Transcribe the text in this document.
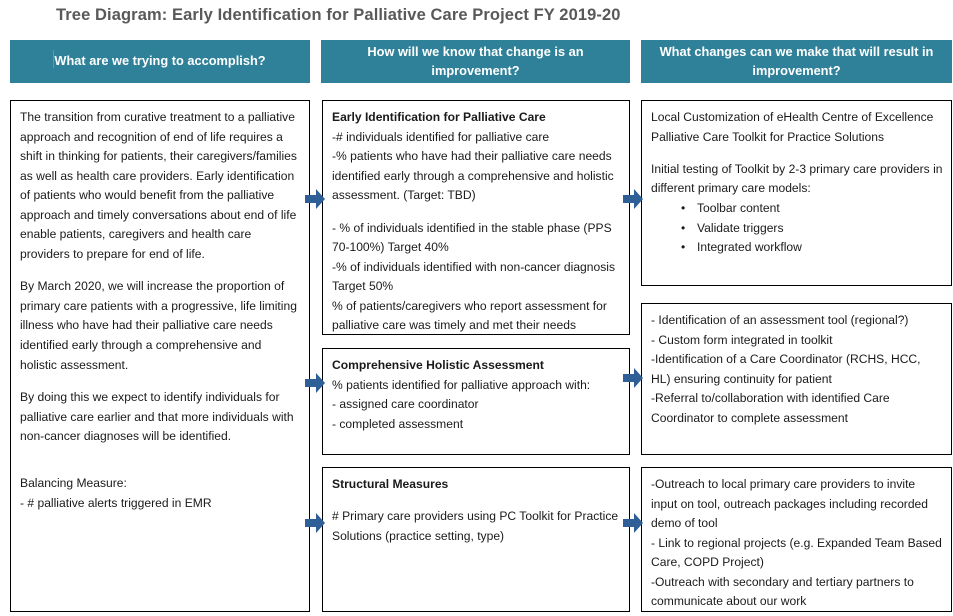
Tree Diagram: Early Identification for Palliative Care Project FY 2019-20
What are we trying to accomplish?
How will we know that change is an improvement?
What changes can we make that will result in improvement?

The transition from curative treatment to a palliative approach and recognition of end of life requires a shift in thinking for patients, their caregivers/families as well as health care providers. Early identification of patients who would benefit from the palliative approach and timely conversations about end of life enable patients, caregivers and health care providers to prepare for end of life.

By March 2020, we will increase the proportion of primary care patients with a progressive, life limiting illness who have had their palliative care needs identified early through a comprehensive and holistic assessment.

By doing this we expect to identify individuals for palliative care earlier and that more individuals with non-cancer diagnoses will be identified.

Balancing Measure:

- # palliative alerts triggered in EMR

Early Identification for Palliative Care

-# individuals identified for palliative care

-% patients who have had their palliative care needs identified early through a comprehensive and holistic assessment. (Target: TBD)

- % of individuals identified in the stable phase (PPS 70-100%) Target 40%

-% of individuals identified with non-cancer diagnosis Target 50%

% of patients/caregivers who report assessment for palliative care was timely and met their needs

Comprehensive Holistic Assessment

% patients identified for palliative approach with:

- assigned care coordinator

- completed assessment

Structural Measures

# Primary care providers using PC Toolkit for Practice Solutions (practice setting, type)

Local Customization of eHealth Centre of Excellence Palliative Care Toolkit for Practice Solutions

Initial testing of Toolkit by 2-3 primary care providers in different primary care models:

• Toolbar content
• Validate triggers
• Integrated workflow

- Identification of an assessment tool (regional?)

- Custom form integrated in toolkit

-Identification of a Care Coordinator (RCHS, HCC, HL) ensuring continuity for patient

-Referral to/collaboration with identified Care Coordinator to complete assessment

-Outreach to local primary care providers to invite input on tool, outreach packages including recorded demo of tool

- Link to regional projects (e.g. Expanded Team Based Care, COPD Project)

-Outreach with secondary and tertiary partners to communicate about our work
